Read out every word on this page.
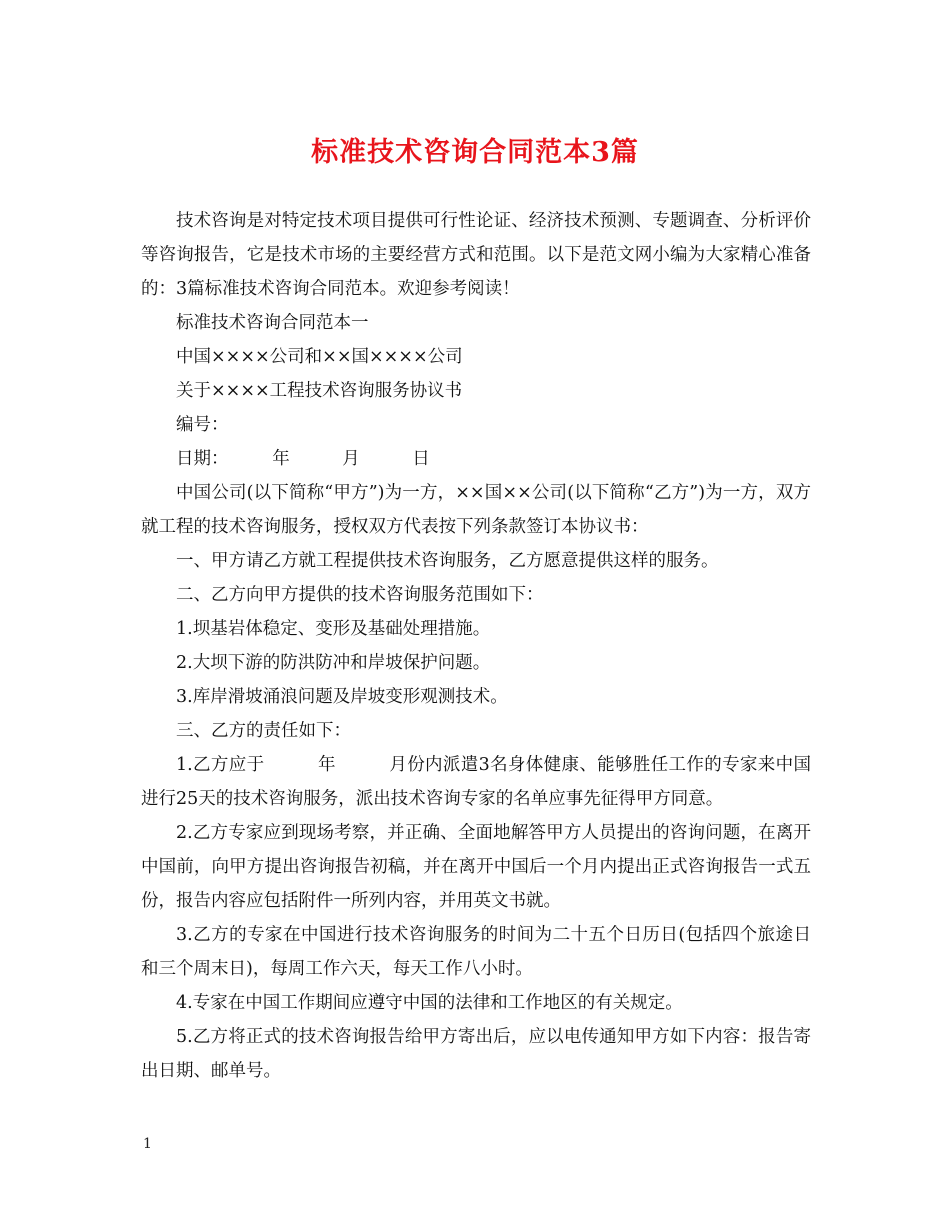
标准技术咨询合同范本3篇

技术咨询是对特定技术项目提供可行性论证、经济技术预测、专题调查、分析评价等咨询报告，它是技术市场的主要经营方式和范围。以下是范文网小编为大家精心准备的：3篇标准技术咨询合同范本。欢迎参考阅读！

标准技术咨询合同范本一

中国××××公司和××国××××公司

关于××××工程技术咨询服务协议书

编号：

日期：　　　年　　　月　　　日

中国公司(以下简称“甲方”)为一方，××国××公司(以下简称“乙方”)为一方，双方就工程的技术咨询服务，授权双方代表按下列条款签订本协议书：

一、甲方请乙方就工程提供技术咨询服务，乙方愿意提供这样的服务。

二、乙方向甲方提供的技术咨询服务范围如下：

1.坝基岩体稳定、变形及基础处理措施。

2.大坝下游的防洪防冲和岸坡保护问题。

3.库岸滑坡涌浪问题及岸坡变形观测技术。

三、乙方的责任如下：

1.乙方应于　　　年　　　月份内派遣3名身体健康、能够胜任工作的专家来中国进行25天的技术咨询服务，派出技术咨询专家的名单应事先征得甲方同意。

2.乙方专家应到现场考察，并正确、全面地解答甲方人员提出的咨询问题，在离开中国前，向甲方提出咨询报告初稿，并在离开中国后一个月内提出正式咨询报告一式五份，报告内容应包括附件一所列内容，并用英文书就。

3.乙方的专家在中国进行技术咨询服务的时间为二十五个日历日(包括四个旅途日和三个周末日)，每周工作六天，每天工作八小时。

4.专家在中国工作期间应遵守中国的法律和工作地区的有关规定。

5.乙方将正式的技术咨询报告给甲方寄出后，应以电传通知甲方如下内容：报告寄出日期、邮单号。

1
